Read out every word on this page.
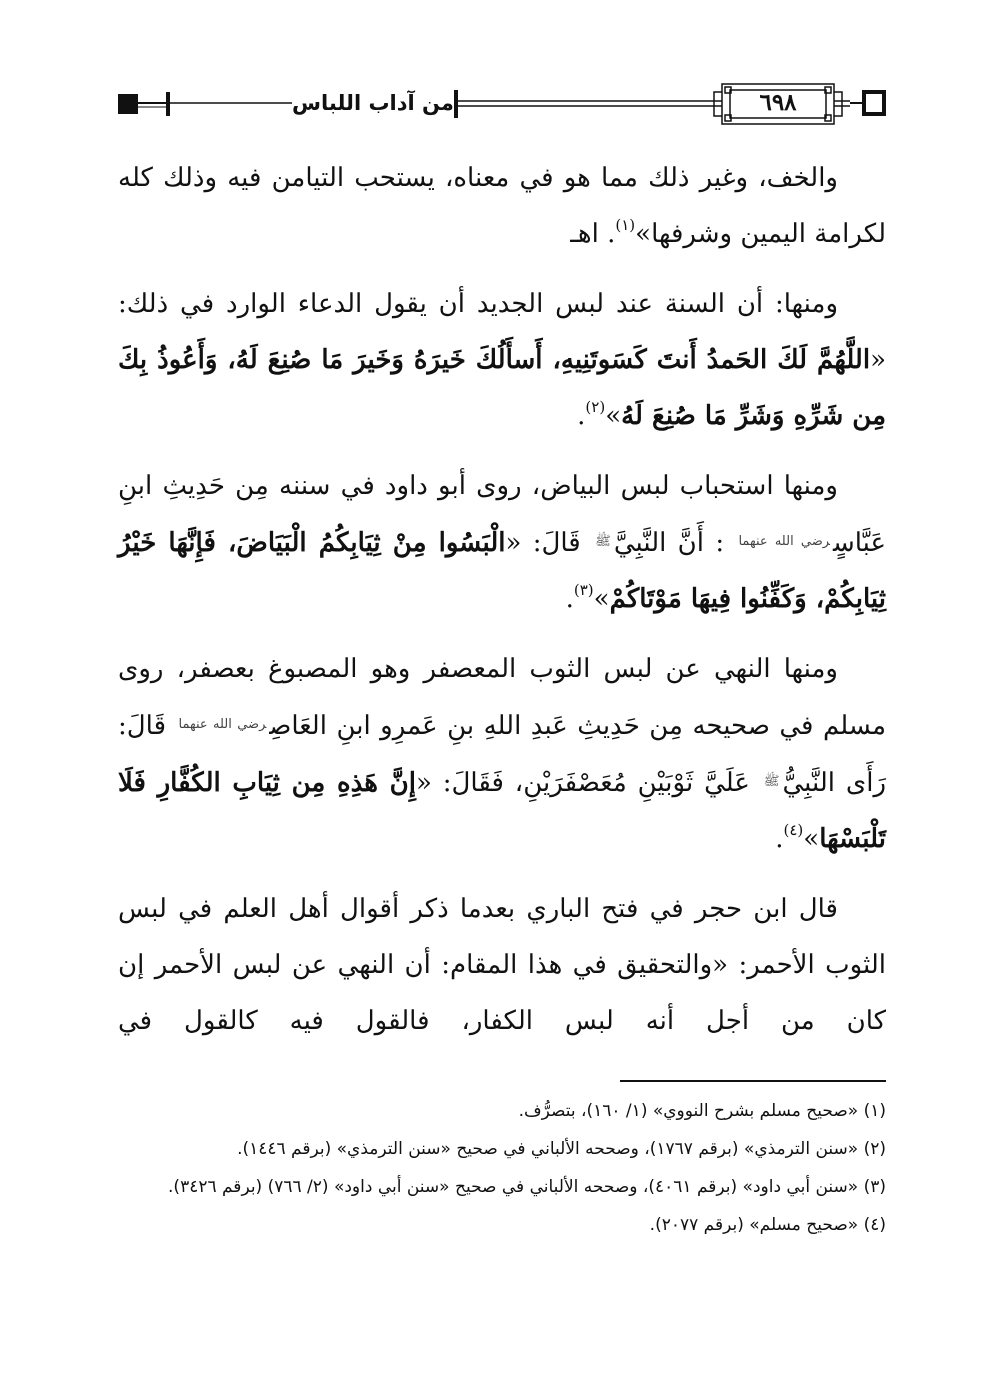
من آداب اللباس	٦٩٨

والخف، وغير ذلك مما هو في معناه، يستحب التيامن فيه وذلك كله لكرامة اليمين وشرفها»$^{(١)}$. اهـ

ومنها: أن السنة عند لبس الجديد أن يقول الدعاء الوارد في ذلك: «اللَّهُمَّ لَكَ الحَمدُ أَنتَ كَسَوتَنِيهِ، أَسأَلُكَ خَيرَهُ وَخَيرَ مَا صُنِعَ لَهُ، وَأَعُوذُ بِكَ مِن شَرِّهِ وَشَرِّ مَا صُنِعَ لَهُ»$^{(٢)}$.

ومنها استحباب لبس البياض، روى أبو داود في سننه مِن حَدِيثِ ابنِ عَبَّاسٍ$^{رضي الله عنهما}$ : أَنَّ النَّبِيَّ$^ﷺ$ قَالَ: «الْبَسُوا مِنْ ثِيَابِكُمُ الْبَيَاضَ، فَإِنَّهَا خَيْرُ ثِيَابِكُمْ، وَكَفِّنُوا فِيهَا مَوْتَاكُمْ»$^{(٣)}$.

ومنها النهي عن لبس الثوب المعصفر وهو المصبوغ بعصفر، روى مسلم في صحيحه مِن حَدِيثِ عَبدِ اللهِ بنِ عَمرِو ابنِ العَاصِ$^{رضي الله عنهما}$ قَالَ: رَأَى النَّبِيُّ$^ﷺ$ عَلَيَّ ثَوْبَيْنِ مُعَصْفَرَيْنِ، فَقَالَ: «إِنَّ هَذِهِ مِن ثِيَابِ الكُفَّارِ فَلَا تَلْبَسْهَا»$^{(٤)}$.

قال ابن حجر في فتح الباري بعدما ذكر أقوال أهل العلم في لبس الثوب الأحمر: «والتحقيق في هذا المقام: أن النهي عن لبس الأحمر إن كان من أجل أنه لبس الكفار، فالقول فيه كالقول في

(١) «صحيح مسلم بشرح النووي» (١/ ١٦٠)، بتصرُّف.
(٢) «سنن الترمذي» (برقم ١٧٦٧)، وصححه الألباني في صحيح «سنن الترمذي» (برقم ١٤٤٦).
(٣) «سنن أبي داود» (برقم ٤٠٦١)، وصححه الألباني في صحيح «سنن أبي داود» (٢/ ٧٦٦) (برقم ٣٤٢٦).
(٤) «صحيح مسلم» (برقم ٢٠٧٧).
